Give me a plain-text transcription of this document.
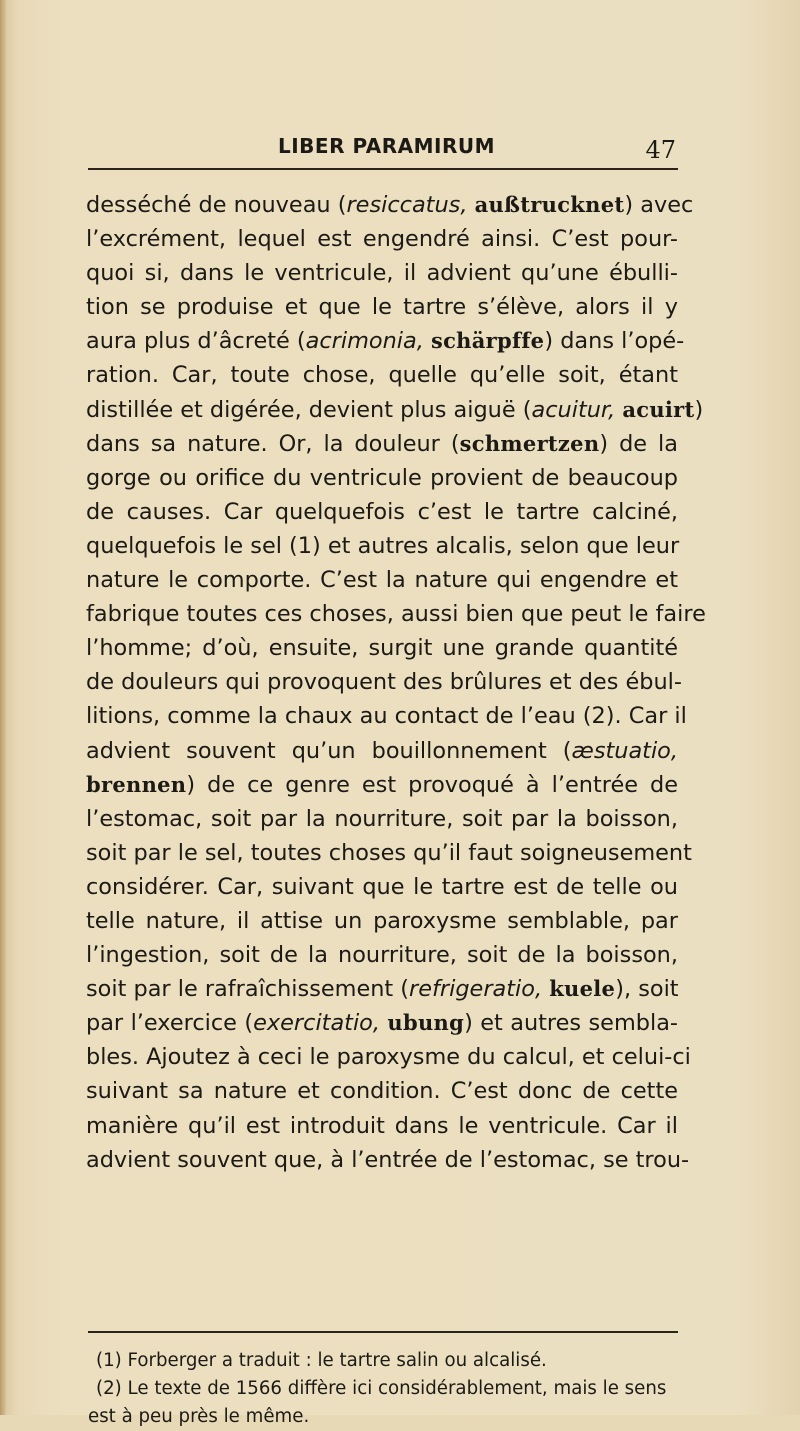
LIBER PARAMIRUM	47
desséché de nouveau (resiccatus, außtrucknet) avec
l’excrément, lequel est engendré ainsi. C’est pour-
quoi si, dans le ventricule, il advient qu’une ébulli-
tion se produise et que le tartre s’élève, alors il y
aura plus d’âcreté (acrimonia, schärpffe) dans l’opé-
ration. Car, toute chose, quelle qu’elle soit, étant
distillée et digérée, devient plus aiguë (acuitur, acuirt)
dans sa nature. Or, la douleur (schmertzen) de la
gorge ou orifice du ventricule provient de beaucoup
de causes. Car quelquefois c’est le tartre calciné,
quelquefois le sel (1) et autres alcalis, selon que leur
nature le comporte. C’est la nature qui engendre et
fabrique toutes ces choses, aussi bien que peut le faire
l’homme; d’où, ensuite, surgit une grande quantité
de douleurs qui provoquent des brûlures et des ébul-
litions, comme la chaux au contact de l’eau (2). Car il
advient souvent qu’un bouillonnement (æstuatio,
brennen) de ce genre est provoqué à l’entrée de
l’estomac, soit par la nourriture, soit par la boisson,
soit par le sel, toutes choses qu’il faut soigneusement
considérer. Car, suivant que le tartre est de telle ou
telle nature, il attise un paroxysme semblable, par
l’ingestion, soit de la nourriture, soit de la boisson,
soit par le rafraîchissement (refrigeratio, kuele), soit
par l’exercice (exercitatio, ubung) et autres sembla-
bles. Ajoutez à ceci le paroxysme du calcul, et celui-ci
suivant sa nature et condition. C’est donc de cette
manière qu’il est introduit dans le ventricule. Car il
advient souvent que, à l’entrée de l’estomac, se trou-
(1) Forberger a traduit : le tartre salin ou alcalisé.
(2) Le texte de 1566 diffère ici considérablement, mais le sens
est à peu près le même.
